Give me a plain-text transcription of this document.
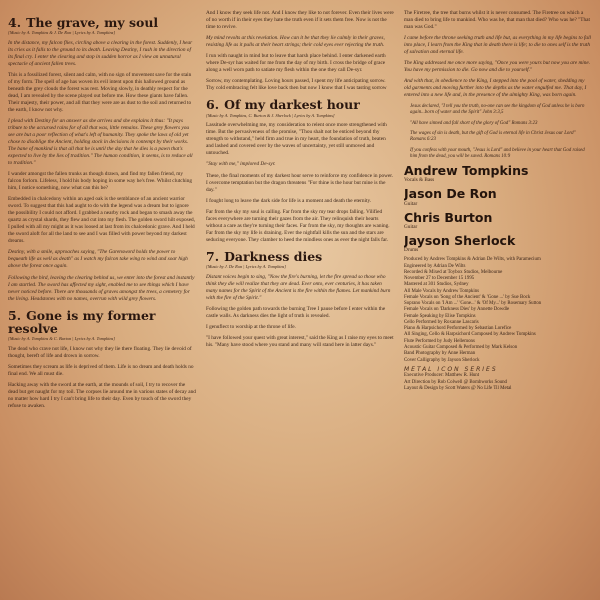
4. The grave, my soul
[Music by A. Tompkins & J. De Ron | Lyrics by A. Tompkins]

In the distance, my falcon flies, circling above a clearing in the forest. Suddenly, I hear its cries as it falls to the ground to its death. Leaving Destiny, I rush in the direction of its final cry. I enter the clearing and stop in sudden horror as I view an unnatural spectacle of ancient fallen trees.

This is a fossilized forest, silent and calm, with no sign of movement save for the stain of my form. The spell of age has woven its evil intent upon this hallowed ground as beneath the grey clouds the forest was rest. Moving slowly, in deathly respect for the dead, I am revealed by the scene played out before me. How these giants have fallen. Their majesty, their power, and all that they were are as dust to the soil and returned to the earth, I know not why.

I plead with Destiny for an answer as she arrives and she explains it thus: "It pays tribute to the accursed rains for of all that was, little remains. These grey flowers you see are but a poor reflection of what's left of humanity. They spoke the laws of old yet chose to disoblige the Ancient, holding stock in decisions in contempt by their works. The bane of mankind is that all that he is until the day that he dies is a pawn that's expected to live by the lies of tradition." The human condition, it seems, is to reduce all to tradition."

I wander amongst the fallen trunks as though drawn, and find my fallen friend, my falcon forlorn. Lifeless, I hold his body hoping in some way he's free. Whilst clutching him, I notice something, now what can this be?

Embedded in chalcedony within an aged oak is the semblance of an ancient warrior sword. To suggest that this had aught to do with the legend was a dream but to ignore the possibility I could not afford. I grabbed a nearby rock and began to smash away the quartz as crystal shards, they flew and cut into my flesh. The golden sword hilt exposed, I pulled with all my might as it was loosed at last from its chalcedonic grave. And I held the sword aloft for all the land to see and I was filled with power beyond my darkest dreams.

Destiny, with a smile, approaches saying, "The Garensword holds the power to bequeath life as well as death" as I watch my falcon take wing to wind and soar high above the forest once again.

Following the bird, leaving the clearing behind us, we enter into the forest and instantly I am startled. The sword has affected my sight, enabled me to see things which I have never noticed before. There are thousands of graves amongst the trees, a cemetery for the living. Headstones with no names, overrun with wild grey flowers.

5. Gone is my former resolve
[Music by A. Tompkins & C. Burton | Lyrics by A. Tompkins]

The dead who crave not life, I know not why they lie there floating. They lie devoid of thought, bereft of life and drown in sorrow.

Sometimes they scream as life is deprived of them. Life is no dream and death holds no final end. We all must die.

Hacking away with the sword at the earth, at the mounds of soil, I try to recover the dead but get naught for my toil. The corpses lie around me in various states of decay and no matter how hard I try I can't bring life to their day. Even by touch of the sword they refuse to awaken.

And I know they seek life not. And I know they like to not forever. Even their lives were of no worth if in their eyes they hate the truth even if it sets them free. Now is not the time to revive.

My mind revolts at this revelation. How can it be that they lie calmly in their graves, resisting life as it pulls at their heart strings; their cold eyes ever rejecting the truth.

I run with naught in mind but to leave that harsh place behind. I enter darkened earth where De-syr has waited for me from the day of my birth. I cross the bridge of grace along a well worn path to satiate my flesh within the one they call De-syr.

Sorrow, my contemplating. Loving hours passed, I spent my life anticipating sorrow. Thy cold embracing felt like love back then but now I know that I was tasting sorrow

6. Of my darkest hour
[Music by A. Tompkins, C. Burton & J. Sherlock | Lyrics by A. Tompkins]

Lassitude overwhelming me, my consideration to relent once more strengthened with time. But the pervasiveness of the promise, "Thou shalt not be enticed beyond thy strength to withstand," held firm and true in my heart, the foundation of truth, beaten and lashed and covered over by the waves of uncertainty, yet still unmoved and untouched.

"Stay with me," implored De-syr.

These, the final moments of my darkest hour serve to reinforce my confidence in power. I overcome temptation but the dragon threatens "For thine is the hour but mine is the day."

I fought long to leave the dark side for life is a moment and death the eternity.

Far from the sky my soul is calling. Far from the sky my tear drops falling. Vilified faces everywhere are turning their gazes from the air. They relinquish their hearts without a care as they're turning their faces. Far from the sky, my thoughts are waning. Far from the sky my life is draining. Ever the nightfall kills the sun and the stars are seducing everyone. They clamber to heed the mindless ones as ever the night falls far.

7. Darkness dies
[Music by J. De Ron | Lyrics by A. Tompkins]

Distant voices begin to sing, "Now the fire's burning, let the fire spread so those who think they die will realize that they are dead. Ever onto, ever centuries, it has taken many names for the Spirit of the Ancient is the fire within the flames. Let mankind burn with the fire of the Spirit."

Following the golden path towards the burning Tree I pause before I enter within the castle walls. As darkness dies the light of truth is revealed.

I genuflect to worship at the throne of life.

"I have followed your quest with great interest," said the King as I raise my eyes to meet his. "Many have stood where you stand and many will stand here in latter days."

The Firetree, the tree that burns whilst it is never consumed. The Firetree on which a man died to bring life to mankind. Who was he, that man that died? Who was he? "That man was God."

I came before the throne seeking truth and life but, as everything in my life begins to fall into place, I learn from the King that in death there is life; to die to ones self is the truth of salvation and eternal life.

The King addressed me once more saying, "Once you were yours but now you are mine. You have my permission to die. Go now and die to yourself."

And with that, in obedience to the King, I stepped into the pool of water, shedding my old garments and moving further into the depths as the water engulfed me. That day, I entered into a new life and, in the presence of the almighty King, was born again.

Jesus declared, "I tell you the truth, no-one can see the kingdom of God unless he is born again...born of water and the Spirit" John 3:3,5
"All have sinned and fall short of the glory of God" Romans 3:23
The wages of sin is death, but the gift of God is eternal life in Christ Jesus our Lord" Romans 6:23
If you confess with your mouth, "Jesus is Lord" and believe in your heart that God raised him from the dead, you will be saved. Romans 10:9
Andrew Tompkins
Vocals & Bass
Jason De Ron
Guitar
Chris Burton
Guitar
Jayson Sherlock
Drums
Produced by Andrew Tompkins & Adrian De Wilts, with Paramecium
Engineered by Adrian De Wilts
Recorded & Mixed at Toybox Studios, Melbourne
November 27 to December 15 1995
Mastered at 301 Studios, Sydney
All Male Vocals by Andrew Tompkins
Female Vocals on 'Song of the Ancient' & 'Gone ...' by Sue Bock
Soprano Vocals on 'I Am ...' 'Gone...' & 'Of My...' by Rosemary Sutton
Female Vocals on 'Darkness Dies' by Annette Dowdle
Female Speaking by Elise Tompkins
Cello Performed by Roxanne Lascaris
Piano & Harpsichord Performed by Sebastian Lorefice
All Singing, Cello & Harpsichord Composed by Andrew Tompkins
Flute Performed by Judy Hellemons
Acoustic Guitar Composed & Performed by Mark Kelson
Band Photography by Anne Herman
Cover Calligraphy by Jayson Sherlock
METAL ICON SERIES
Executive Producer: Matthew R. Hunt
Art Direction by Rob Colwell @ Bombworks Sound
Layout & Design by Scott Waters @ No Life Til Metal
